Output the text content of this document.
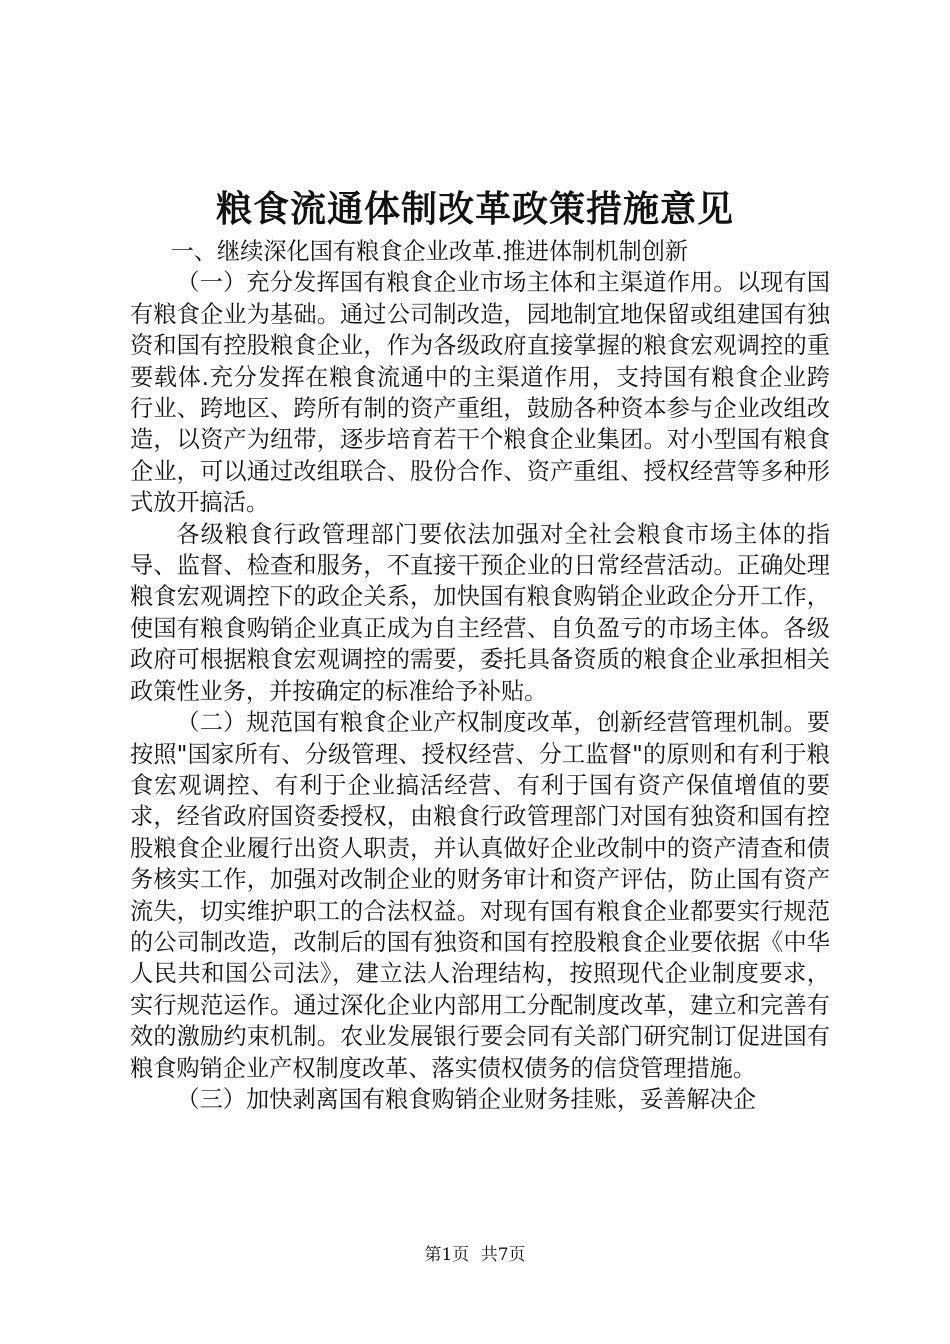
粮食流通体制改革政策措施意见

一、继续深化国有粮食企业改革.推进体制机制创新

（一）充分发挥国有粮食企业市场主体和主渠道作用。以现有国有粮食企业为基础。通过公司制改造，园地制宜地保留或组建国有独资和国有控股粮食企业，作为各级政府直接掌握的粮食宏观调控的重要载体.充分发挥在粮食流通中的主渠道作用，支持国有粮食企业跨行业、跨地区、跨所有制的资产重组，鼓励各种资本参与企业改组改造，以资产为纽带，逐步培育若干个粮食企业集团。对小型国有粮食企业，可以通过改组联合、股份合作、资产重组、授权经营等多种形式放开搞活。

各级粮食行政管理部门要依法加强对全社会粮食市场主体的指导、监督、检查和服务，不直接干预企业的日常经营活动。正确处理粮食宏观调控下的政企关系，加快国有粮食购销企业政企分开工作，使国有粮食购销企业真正成为自主经营、自负盈亏的市场主体。各级政府可根据粮食宏观调控的需要，委托具备资质的粮食企业承担相关政策性业务，并按确定的标准给予补贴。

（二）规范国有粮食企业产权制度改革，创新经营管理机制。要按照"国家所有、分级管理、授权经营、分工监督"的原则和有利于粮食宏观调控、有利于企业搞活经营、有利于国有资产保值增值的要求，经省政府国资委授权，由粮食行政管理部门对国有独资和国有控股粮食企业履行出资人职责，并认真做好企业改制中的资产清查和债务核实工作，加强对改制企业的财务审计和资产评估，防止国有资产流失，切实维护职工的合法权益。对现有国有粮食企业都要实行规范的公司制改造，改制后的国有独资和国有控股粮食企业要依据《中华人民共和国公司法》，建立法人治理结构，按照现代企业制度要求，实行规范运作。通过深化企业内部用工分配制度改革，建立和完善有效的激励约束机制。农业发展银行要会同有关部门研究制订促进国有粮食购销企业产权制度改革、落实债权债务的信贷管理措施。

（三）加快剥离国有粮食购销企业财务挂账，妥善解决企

第1页 共7页
